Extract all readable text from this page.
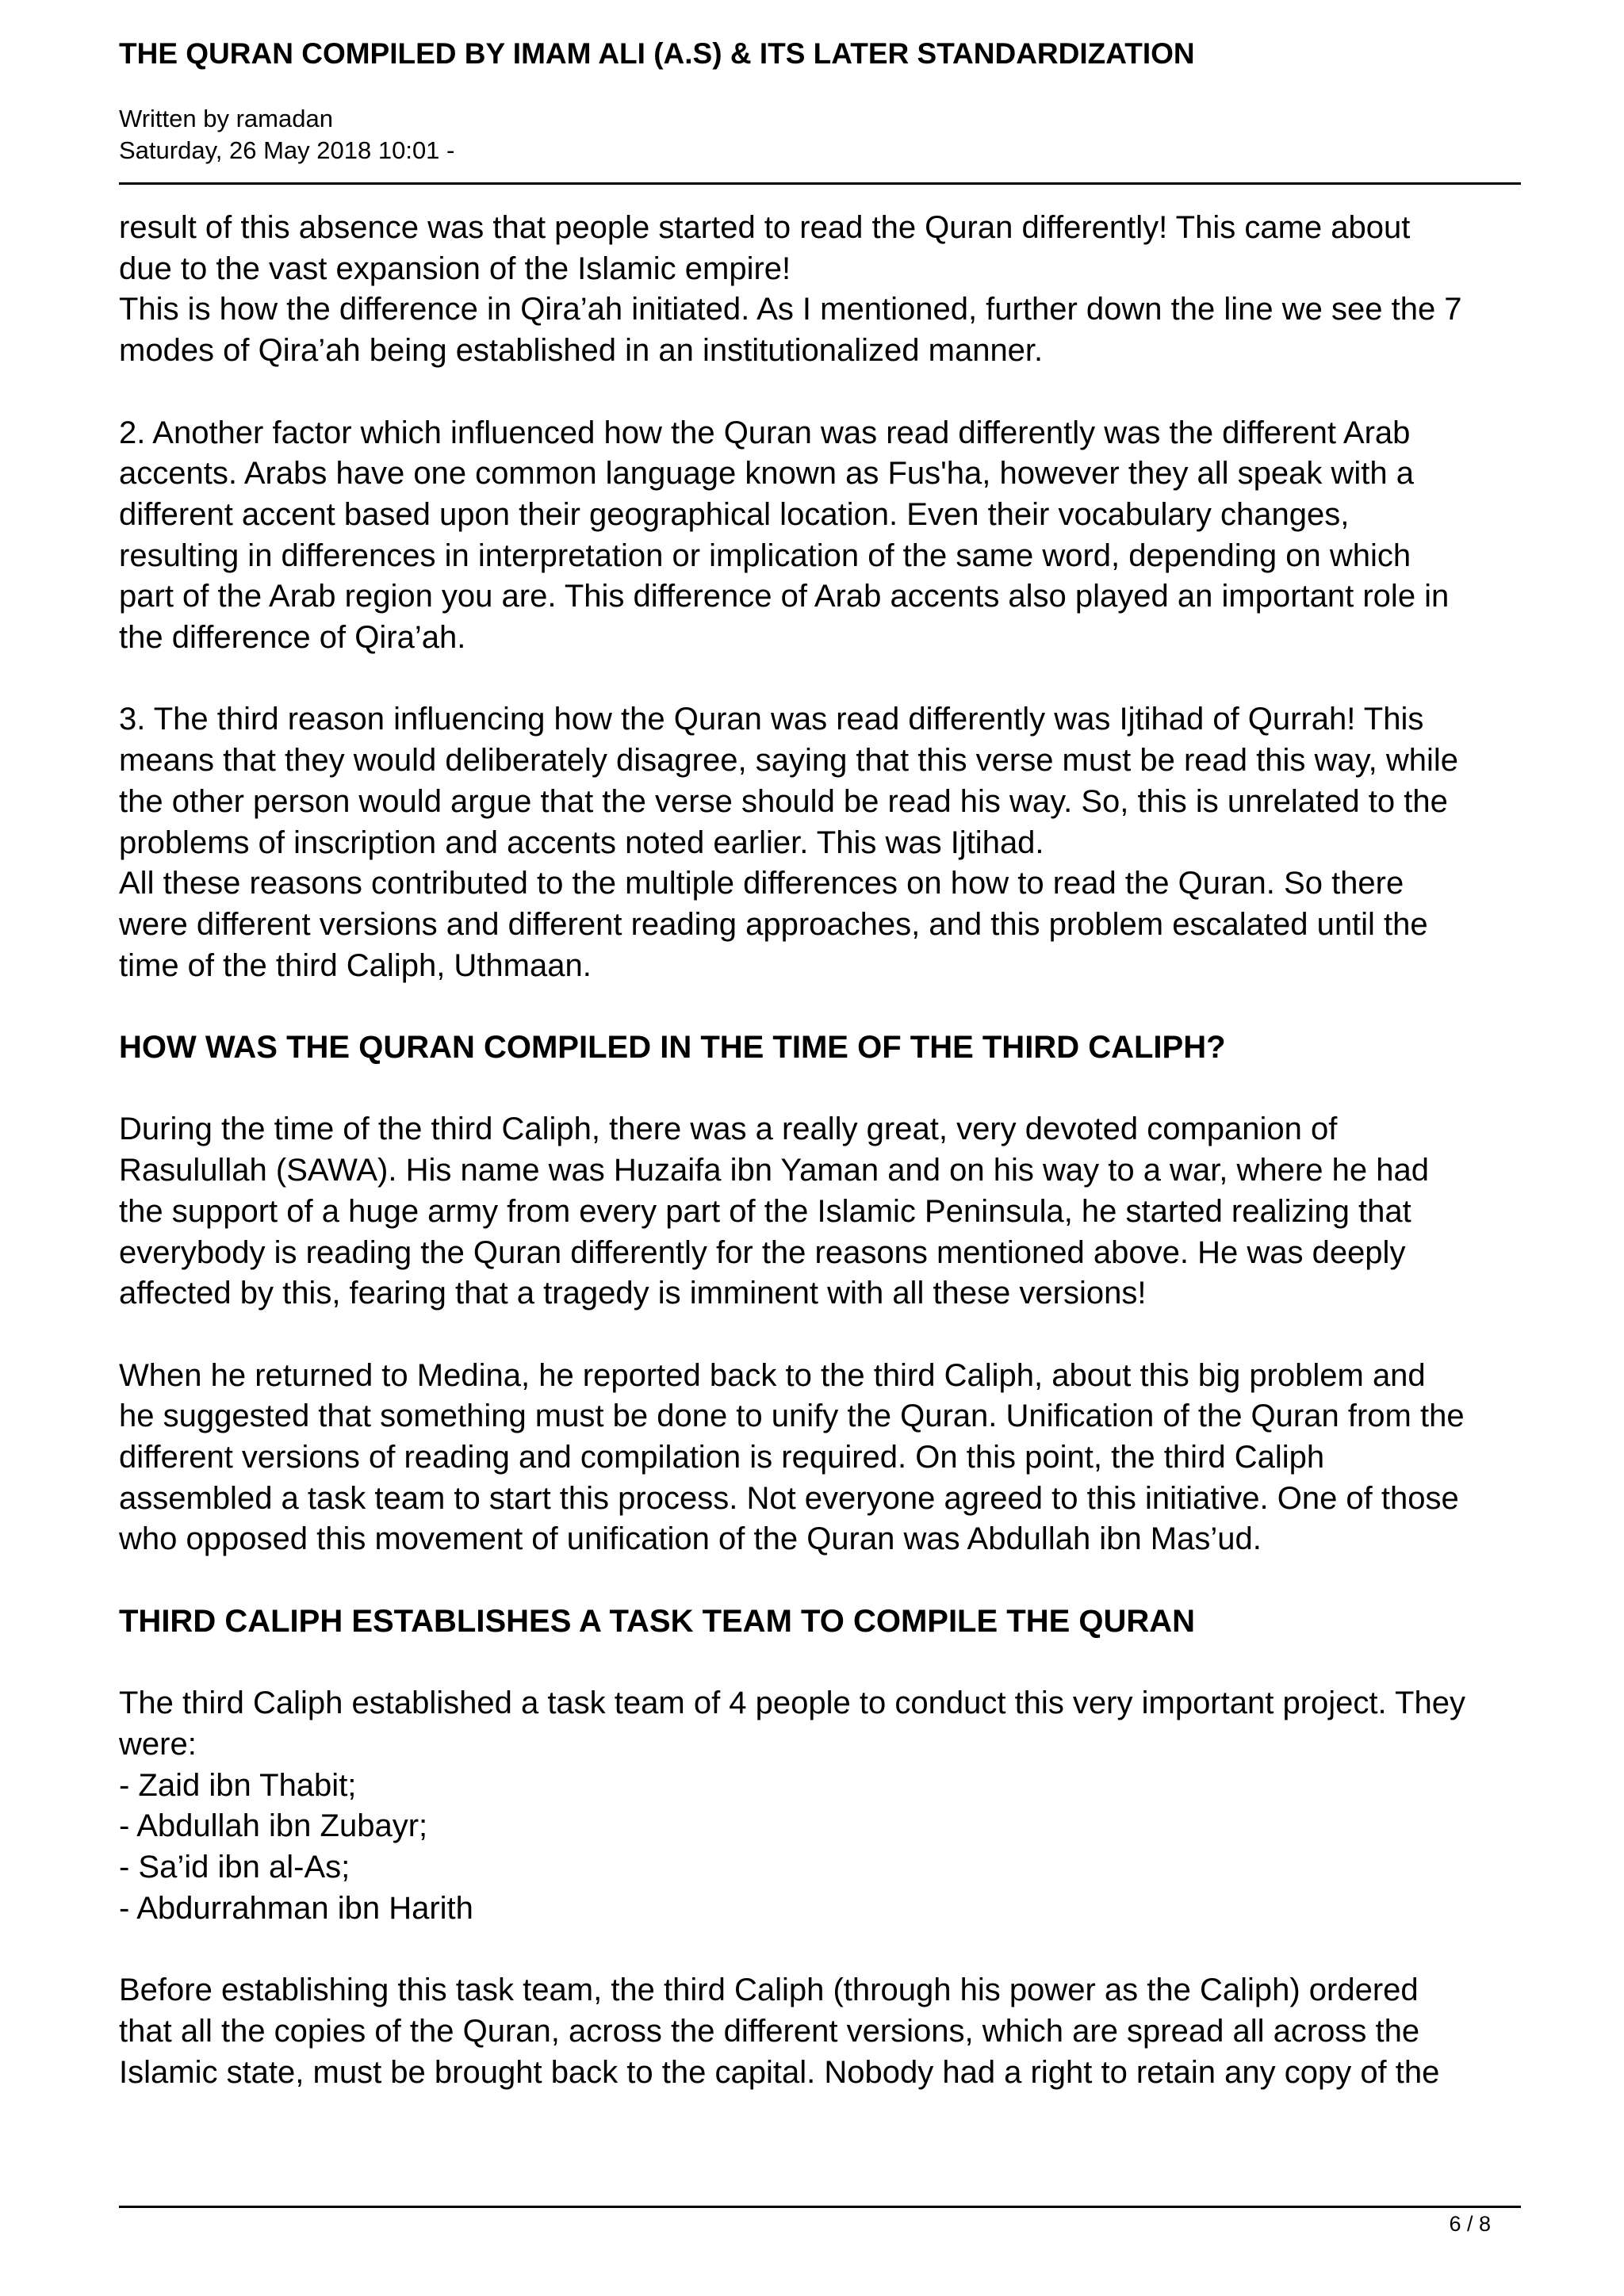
THE QURAN COMPILED BY IMAM ALI (A.S) & ITS LATER STANDARDIZATION

Written by ramadan

Saturday, 26 May 2018 10:01 -

result of this absence was that people started to read the Quran differently! This came about
due to the vast expansion of the Islamic empire!
This is how the difference in Qira’ah initiated. As I mentioned, further down the line we see the 7
modes of Qira’ah being established in an institutionalized manner.
2. Another factor which influenced how the Quran was read differently was the different Arab
accents. Arabs have one common language known as Fus'ha, however they all speak with a
different accent based upon their geographical location. Even their vocabulary changes,
resulting in differences in interpretation or implication of the same word, depending on which
part of the Arab region you are. This difference of Arab accents also played an important role in
the difference of Qira’ah.
3. The third reason influencing how the Quran was read differently was Ijtihad of Qurrah! This
means that they would deliberately disagree, saying that this verse must be read this way, while
the other person would argue that the verse should be read his way. So, this is unrelated to the
problems of inscription and accents noted earlier. This was Ijtihad.
All these reasons contributed to the multiple differences on how to read the Quran. So there
were different versions and different reading approaches, and this problem escalated until the
time of the third Caliph, Uthmaan.
HOW WAS THE QURAN COMPILED IN THE TIME OF THE THIRD CALIPH?
During the time of the third Caliph, there was a really great, very devoted companion of
Rasulullah (SAWA). His name was Huzaifa ibn Yaman and on his way to a war, where he had
the support of a huge army from every part of the Islamic Peninsula, he started realizing that
everybody is reading the Quran differently for the reasons mentioned above. He was deeply
affected by this, fearing that a tragedy is imminent with all these versions!
When he returned to Medina, he reported back to the third Caliph, about this big problem and
he suggested that something must be done to unify the Quran. Unification of the Quran from the
different versions of reading and compilation is required. On this point, the third Caliph
assembled a task team to start this process. Not everyone agreed to this initiative. One of those
who opposed this movement of unification of the Quran was Abdullah ibn Mas’ud.
THIRD CALIPH ESTABLISHES A TASK TEAM TO COMPILE THE QURAN
The third Caliph established a task team of 4 people to conduct this very important project. They
were:
- Zaid ibn Thabit;
- Abdullah ibn Zubayr;
- Sa’id ibn al-As;
- Abdurrahman ibn Harith
Before establishing this task team, the third Caliph (through his power as the Caliph) ordered
that all the copies of the Quran, across the different versions, which are spread all across the
Islamic state, must be brought back to the capital. Nobody had a right to retain any copy of the
6 / 8
